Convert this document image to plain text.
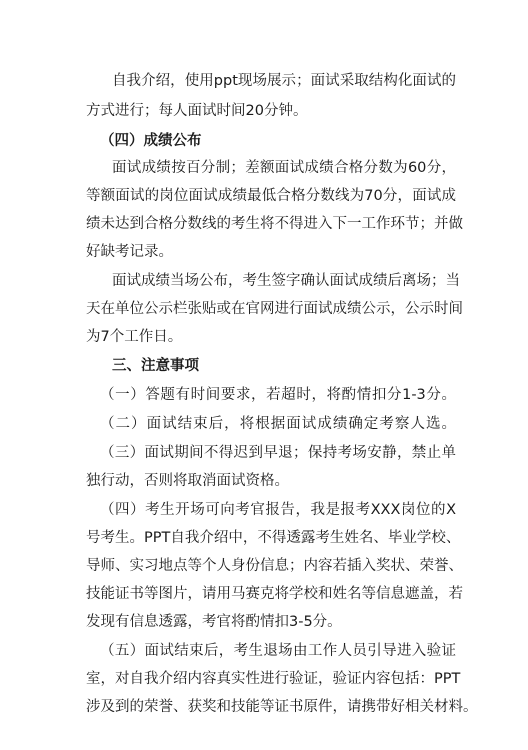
自我介绍，使用ppt现场展示；面试采取结构化面试的
方式进行；每人面试时间20分钟。
（四）成绩公布
面试成绩按百分制；差额面试成绩合格分数为60分，
等额面试的岗位面试成绩最低合格分数线为70分，面试成
绩未达到合格分数线的考生将不得进入下一工作环节；并做
好缺考记录。
面试成绩当场公布，考生签字确认面试成绩后离场；当
天在单位公示栏张贴或在官网进行面试成绩公示，公示时间
为7个工作日。
三、注意事项
（一）答题有时间要求，若超时，将酌情扣分1-3分。
（二）面试结束后，将根据面试成绩确定考察人选。
（三）面试期间不得迟到早退；保持考场安静，禁止单
独行动，否则将取消面试资格。
（四）考生开场可向考官报告，我是报考XXX岗位的X
号考生。PPT自我介绍中，不得透露考生姓名、毕业学校、
导师、实习地点等个人身份信息；内容若插入奖状、荣誉、
技能证书等图片，请用马赛克将学校和姓名等信息遮盖，若
发现有信息透露，考官将酌情扣3-5分。
（五）面试结束后，考生退场由工作人员引导进入验证
室，对自我介绍内容真实性进行验证，验证内容包括：PPT
涉及到的荣誉、获奖和技能等证书原件，请携带好相关材料。
